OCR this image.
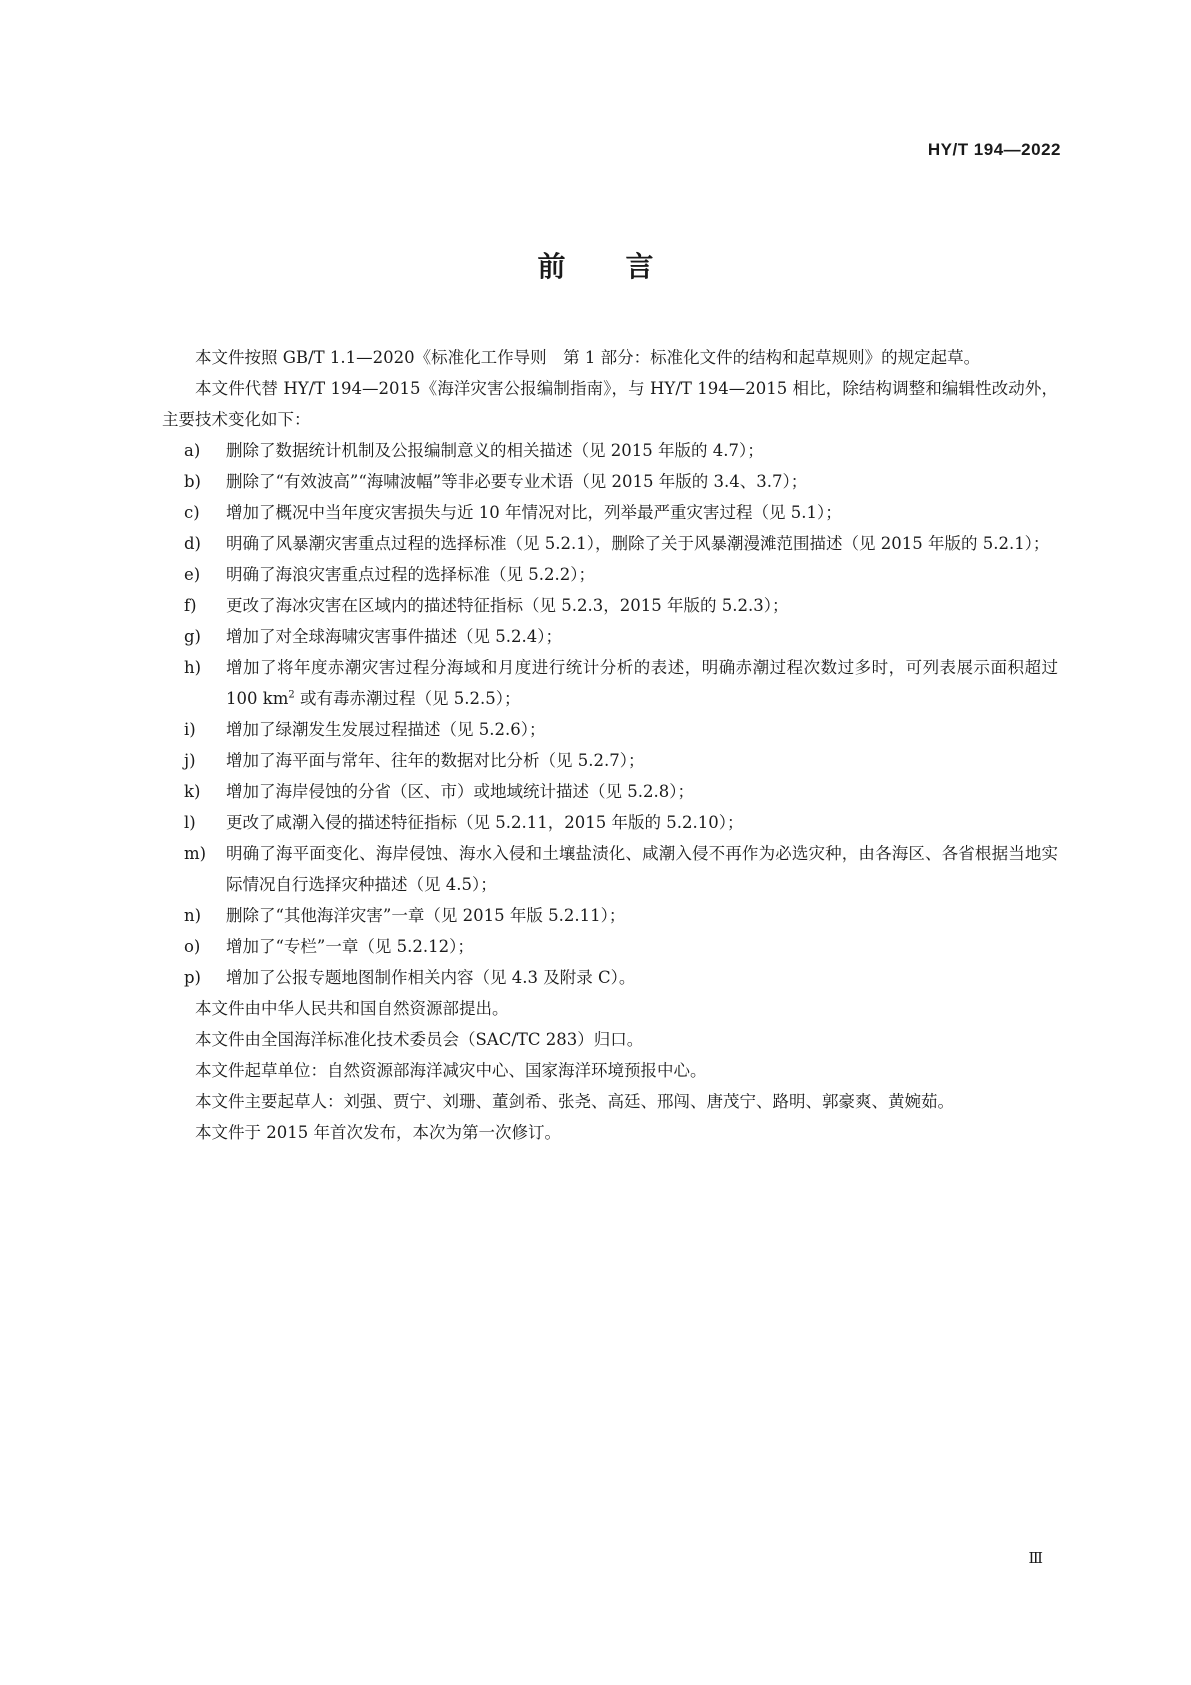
HY/T 194—2022
前言

本文件按照 GB/T 1.1—2020《标准化工作导则　第 1 部分：标准化文件的结构和起草规则》的规定起草。

本文件代替 HY/T 194—2015《海洋灾害公报编制指南》，与 HY/T 194—2015 相比，除结构调整和编辑性改动外，主要技术变化如下：

a)	删除了数据统计机制及公报编制意义的相关描述（见 2015 年版的 4.7）；
b)	删除了“有效波高”“海啸波幅”等非必要专业术语（见 2015 年版的 3.4、3.7）；
c)	增加了概况中当年度灾害损失与近 10 年情况对比，列举最严重灾害过程（见 5.1）；
d)	明确了风暴潮灾害重点过程的选择标准（见 5.2.1），删除了关于风暴潮漫滩范围描述（见 2015 年版的 5.2.1）；
e)	明确了海浪灾害重点过程的选择标准（见 5.2.2）；
f)	更改了海冰灾害在区域内的描述特征指标（见 5.2.3，2015 年版的 5.2.3）；
g)	增加了对全球海啸灾害事件描述（见 5.2.4）；
h)	增加了将年度赤潮灾害过程分海域和月度进行统计分析的表述，明确赤潮过程次数过多时，可列表展示面积超过 100 $km^2$ 或有毒赤潮过程（见 5.2.5）；
i)	增加了绿潮发生发展过程描述（见 5.2.6）；
j)	增加了海平面与常年、往年的数据对比分析（见 5.2.7）；
k)	增加了海岸侵蚀的分省（区、市）或地域统计描述（见 5.2.8）；
l)	更改了咸潮入侵的描述特征指标（见 5.2.11，2015 年版的 5.2.10）；
m)	明确了海平面变化、海岸侵蚀、海水入侵和土壤盐渍化、咸潮入侵不再作为必选灾种，由各海区、各省根据当地实际情况自行选择灾种描述（见 4.5）；
n)	删除了“其他海洋灾害”一章（见 2015 年版 5.2.11）；
o)	增加了“专栏”一章（见 5.2.12）；
p)	增加了公报专题地图制作相关内容（见 4.3 及附录 C）。

本文件由中华人民共和国自然资源部提出。

本文件由全国海洋标准化技术委员会（SAC/TC 283）归口。

本文件起草单位：自然资源部海洋减灾中心、国家海洋环境预报中心。

本文件主要起草人：刘强、贾宁、刘珊、董剑希、张尧、高廷、邢闯、唐茂宁、路明、郭豪爽、黄婉茹。

本文件于 2015 年首次发布，本次为第一次修订。

Ⅲ
